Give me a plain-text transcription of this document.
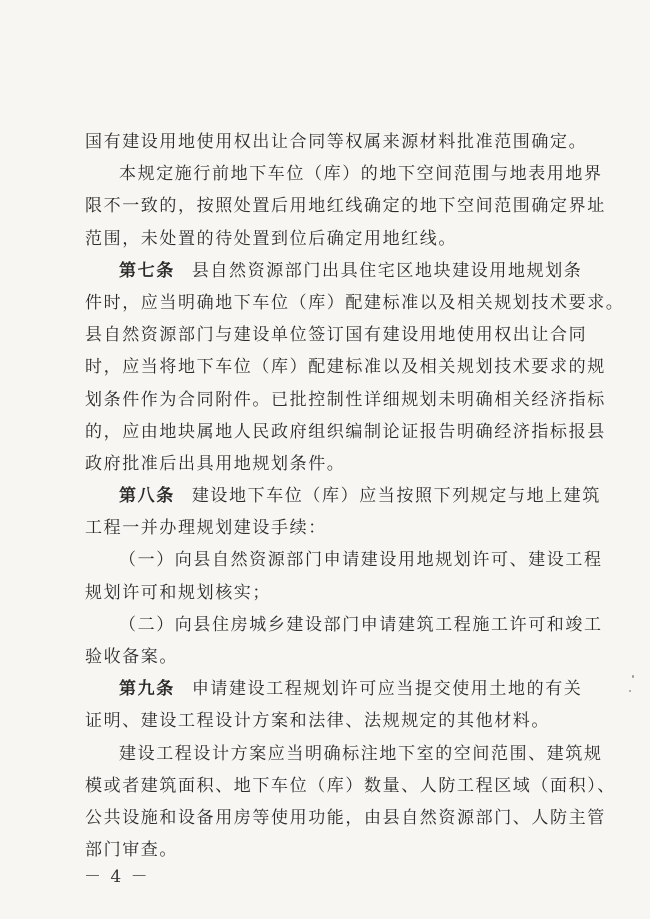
国有建设用地使用权出让合同等权属来源材料批准范围确定。
本规定施行前地下车位（库）的地下空间范围与地表用地界
限不一致的，按照处置后用地红线确定的地下空间范围确定界址
范围，未处置的待处置到位后确定用地红线。
第七条 县自然资源部门出具住宅区地块建设用地规划条
件时，应当明确地下车位（库）配建标准以及相关规划技术要求。
县自然资源部门与建设单位签订国有建设用地使用权出让合同
时，应当将地下车位（库）配建标准以及相关规划技术要求的规
划条件作为合同附件。已批控制性详细规划未明确相关经济指标
的，应由地块属地人民政府组织编制论证报告明确经济指标报县
政府批准后出具用地规划条件。
第八条 建设地下车位（库）应当按照下列规定与地上建筑
工程一并办理规划建设手续：
（一）向县自然资源部门申请建设用地规划许可、建设工程
规划许可和规划核实；
（二）向县住房城乡建设部门申请建筑工程施工许可和竣工
验收备案。
第九条 申请建设工程规划许可应当提交使用土地的有关
证明、建设工程设计方案和法律、法规规定的其他材料。
建设工程设计方案应当明确标注地下室的空间范围、建筑规
模或者建筑面积、地下车位（库）数量、人防工程区域（面积）、
公共设施和设备用房等使用功能，由县自然资源部门、人防主管
部门审查。
－ 4 －
